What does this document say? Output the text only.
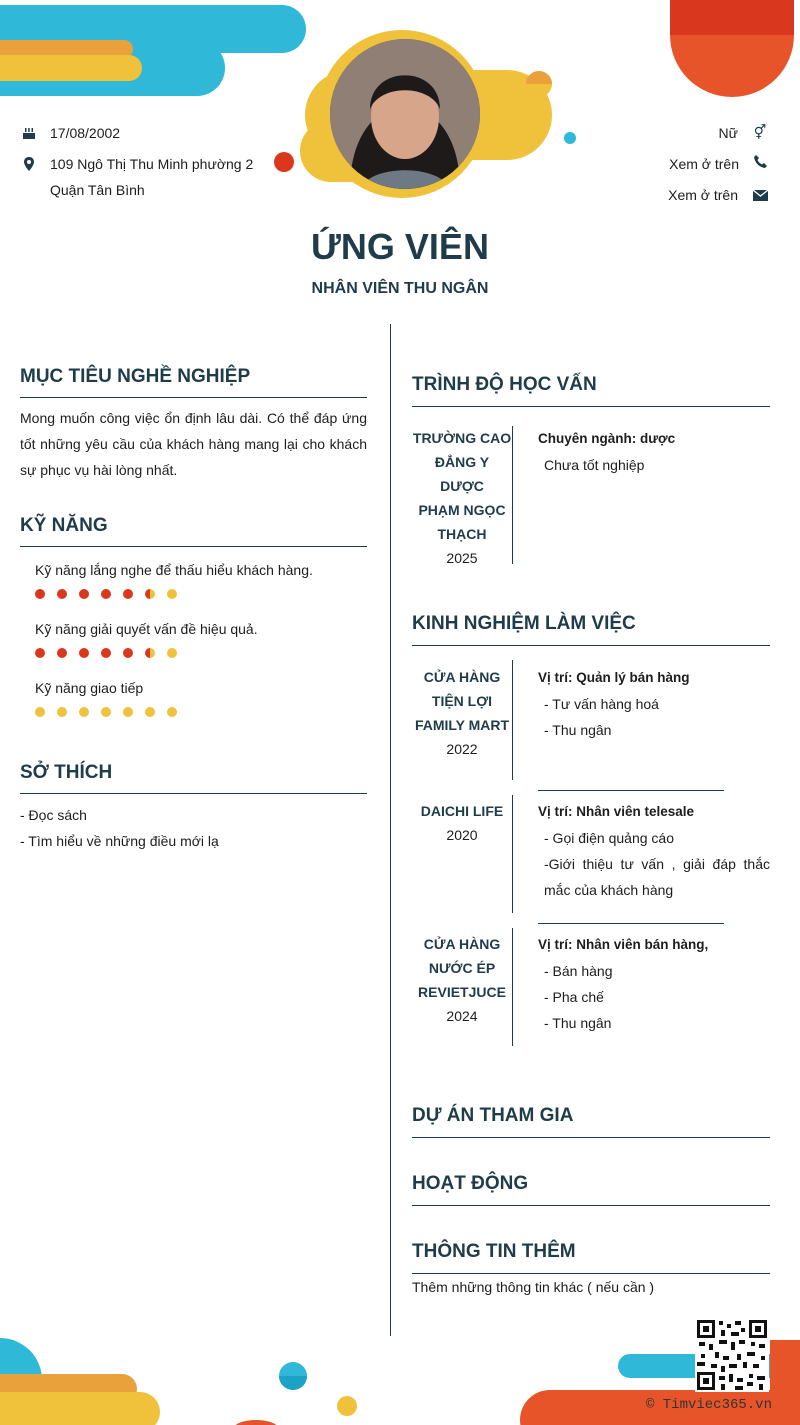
17/08/2002
109 Ngô Thị Thu Minh phường 2
Quận Tân Bình
Nữ ⚥
Xem ở trên
Xem ở trên
ỨNG VIÊN
NHÂN VIÊN THU NGÂN
MỤC TIÊU NGHỀ NGHIỆP
Mong muốn công việc ổn định lâu dài. Có thể đáp ứng tốt những yêu cầu của khách hàng mang lại cho khách sự phục vụ hài lòng nhất.
KỸ NĂNG
Kỹ năng lắng nghe để thấu hiểu khách hàng.
Kỹ năng giải quyết vấn đề hiệu quả.
Kỹ năng giao tiếp
SỞ THÍCH
- Đọc sách
- Tìm hiểu về những điều mới lạ
TRÌNH ĐỘ HỌC VẤN
TRƯỜNG CAO
ĐẲNG Y DƯỢC
PHẠM NGỌC
THẠCH
2025
Chuyên ngành: dược
Chưa tốt nghiệp
KINH NGHIỆM LÀM VIỆC
CỬA HÀNG
TIỆN LỢI
FAMILY MART
2022
Vị trí: Quản lý bán hàng
- Tư vấn hàng hoá
- Thu ngân
DAICHI LIFE
2020
Vị trí: Nhân viên telesale
- Gọi điện quảng cáo
-Giới thiệu tư vấn , giải đáp thắc
mắc của khách hàng
CỬA HÀNG
NƯỚC ÉP
REVIETJUCE
2024
Vị trí: Nhân viên bán hàng,
- Bán hàng
- Pha chế
- Thu ngân
DỰ ÁN THAM GIA
HOẠT ĐỘNG
THÔNG TIN THÊM
Thêm những thông tin khác ( nếu cần )
© Timviec365.vn
